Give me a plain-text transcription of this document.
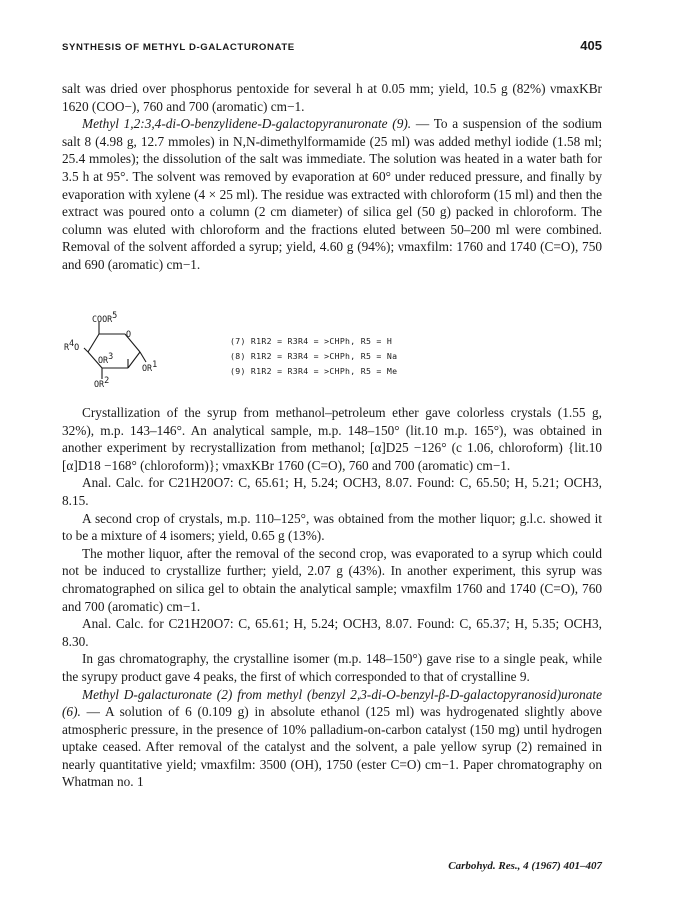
SYNTHESIS OF METHYL D-GALACTURONATE	405

salt was dried over phosphorus pentoxide for several h at 0.05 mm; yield, 10.5 g (82%) νmaxKBr 1620 (COO−), 760 and 700 (aromatic) cm−1.

Methyl 1,2:3,4-di-O-benzylidene-D-galactopyranuronate (9). — To a suspension of the sodium salt 8 (4.98 g, 12.7 mmoles) in N,N-dimethylformamide (25 ml) was added methyl iodide (1.58 ml; 25.4 mmoles); the dissolution of the salt was immediate. The solution was heated in a water bath for 3.5 h at 95°. The solvent was removed by evaporation at 60° under reduced pressure, and finally by evaporation with xylene (4 × 25 ml). The residue was extracted with chloroform (15 ml) and then the extract was poured onto a column (2 cm diameter) of silica gel (50 g) packed in chloroform. The column was eluted with chloroform and the fractions eluted between 50–200 ml were combined. Removal of the solvent afforded a syrup; yield, 4.60 g (94%); νmaxfilm: 1760 and 1740 (C=O), 750 and 690 (aromatic) cm−1.

COOR$^5$
$R^4O$
O
$OR^3$
$OR^1$
$OR^2$
(7) R1R2 = R3R4 = >CHPh, R5 = H
(8) R1R2 = R3R4 = >CHPh, R5 = Na
(9) R1R2 = R3R4 = >CHPh, R5 = Me

Crystallization of the syrup from methanol–petroleum ether gave colorless crystals (1.55 g, 32%), m.p. 143–146°. An analytical sample, m.p. 148–150° (lit.10 m.p. 165°), was obtained in another experiment by recrystallization from methanol; [α]D25 −126° (c 1.06, chloroform) {lit.10 [α]D18 −168° (chloroform)}; νmaxKBr 1760 (C=O), 760 and 700 (aromatic) cm−1.

Anal. Calc. for C21H20O7: C, 65.61; H, 5.24; OCH3, 8.07. Found: C, 65.50; H, 5.21; OCH3, 8.15.

A second crop of crystals, m.p. 110–125°, was obtained from the mother liquor; g.l.c. showed it to be a mixture of 4 isomers; yield, 0.65 g (13%).

The mother liquor, after the removal of the second crop, was evaporated to a syrup which could not be induced to crystallize further; yield, 2.07 g (43%). In another experiment, this syrup was chromatographed on silica gel to obtain the analytical sample; νmaxfilm 1760 and 1740 (C=O), 760 and 700 (aromatic) cm−1.

Anal. Calc. for C21H20O7: C, 65.61; H, 5.24; OCH3, 8.07. Found: C, 65.37; H, 5.35; OCH3, 8.30.

In gas chromatography, the crystalline isomer (m.p. 148–150°) gave rise to a single peak, while the syrupy product gave 4 peaks, the first of which corresponded to that of crystalline 9.

Methyl D-galacturonate (2) from methyl (benzyl 2,3-di-O-benzyl-β-D-galactopyranosid)uronate (6). — A solution of 6 (0.109 g) in absolute ethanol (125 ml) was hydrogenated slightly above atmospheric pressure, in the presence of 10% palladium-on-carbon catalyst (150 mg) until hydrogen uptake ceased. After removal of the catalyst and the solvent, a pale yellow syrup (2) remained in nearly quantitative yield; νmaxfilm: 3500 (OH), 1750 (ester C=O) cm−1. Paper chromatography on Whatman no. 1

Carbohyd. Res., 4 (1967) 401–407
